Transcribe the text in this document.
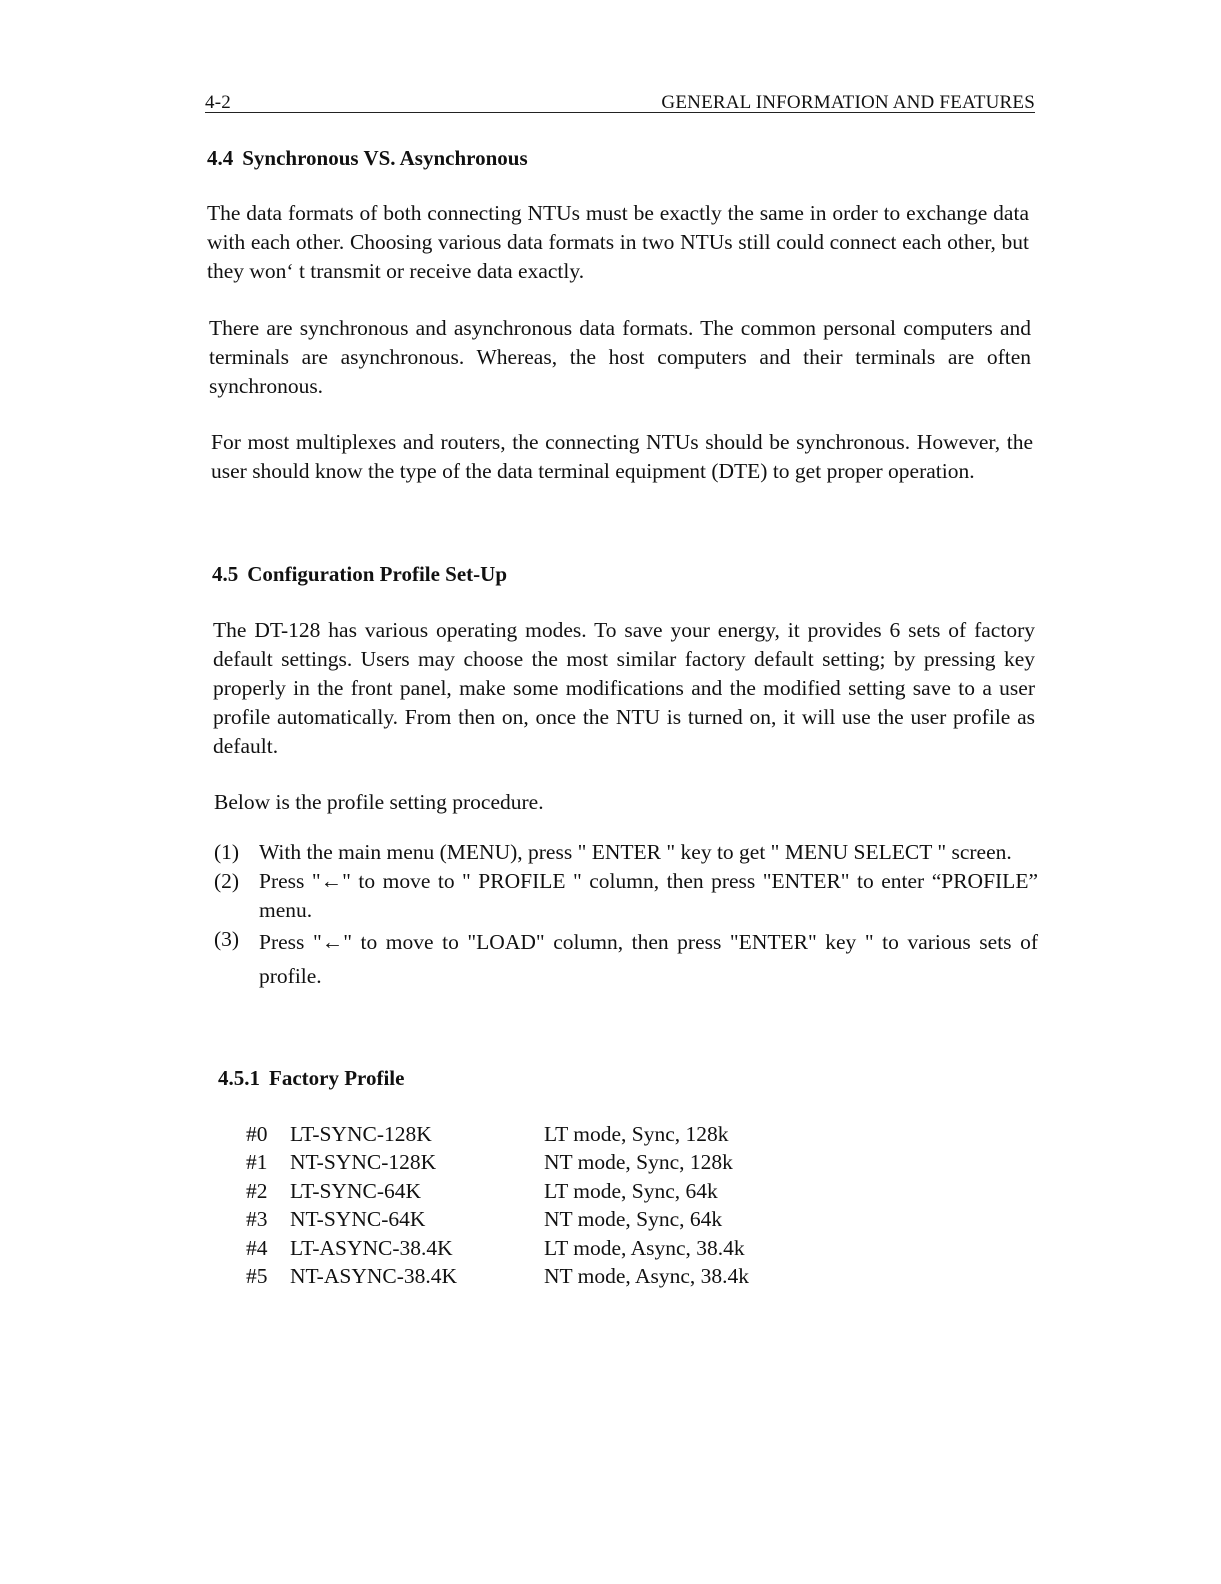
4-2	GENERAL INFORMATION AND FEATURES
4.4 Synchronous VS. Asynchronous

The data formats of both connecting NTUs must be exactly the same in order to exchange data with each other. Choosing various data formats in two NTUs still could connect each other, but they won‘ t transmit or receive data exactly.

There are synchronous and asynchronous data formats. The common personal computers and terminals are asynchronous. Whereas, the host computers and their terminals are often synchronous.

For most multiplexes and routers, the connecting NTUs should be synchronous. However, the user should know the type of the data terminal equipment (DTE) to get proper operation.

4.5 Configuration Profile Set-Up

The DT-128 has various operating modes. To save your energy, it provides 6 sets of factory default settings. Users may choose the most similar factory default setting; by pressing key properly in the front panel, make some modifications and the modified setting save to a user profile automatically. From then on, once the NTU is turned on, it will use the user profile as default.

Below is the profile setting procedure.

(1) With the main menu (MENU), press " ENTER " key to get " MENU SELECT " screen.
(2) Press "←" to move to " PROFILE " column, then press "ENTER" to enter “PROFILE” menu.
(3) Press "←" to move to "LOAD" column, then press "ENTER" key " to various sets of profile.
4.5.1 Factory Profile
#0	LT-SYNC-128K	LT mode, Sync, 128k
#1	NT-SYNC-128K	NT mode, Sync, 128k
#2	LT-SYNC-64K	LT mode, Sync, 64k
#3	NT-SYNC-64K	NT mode, Sync, 64k
#4	LT-ASYNC-38.4K	LT mode, Async, 38.4k
#5	NT-ASYNC-38.4K	NT mode, Async, 38.4k
